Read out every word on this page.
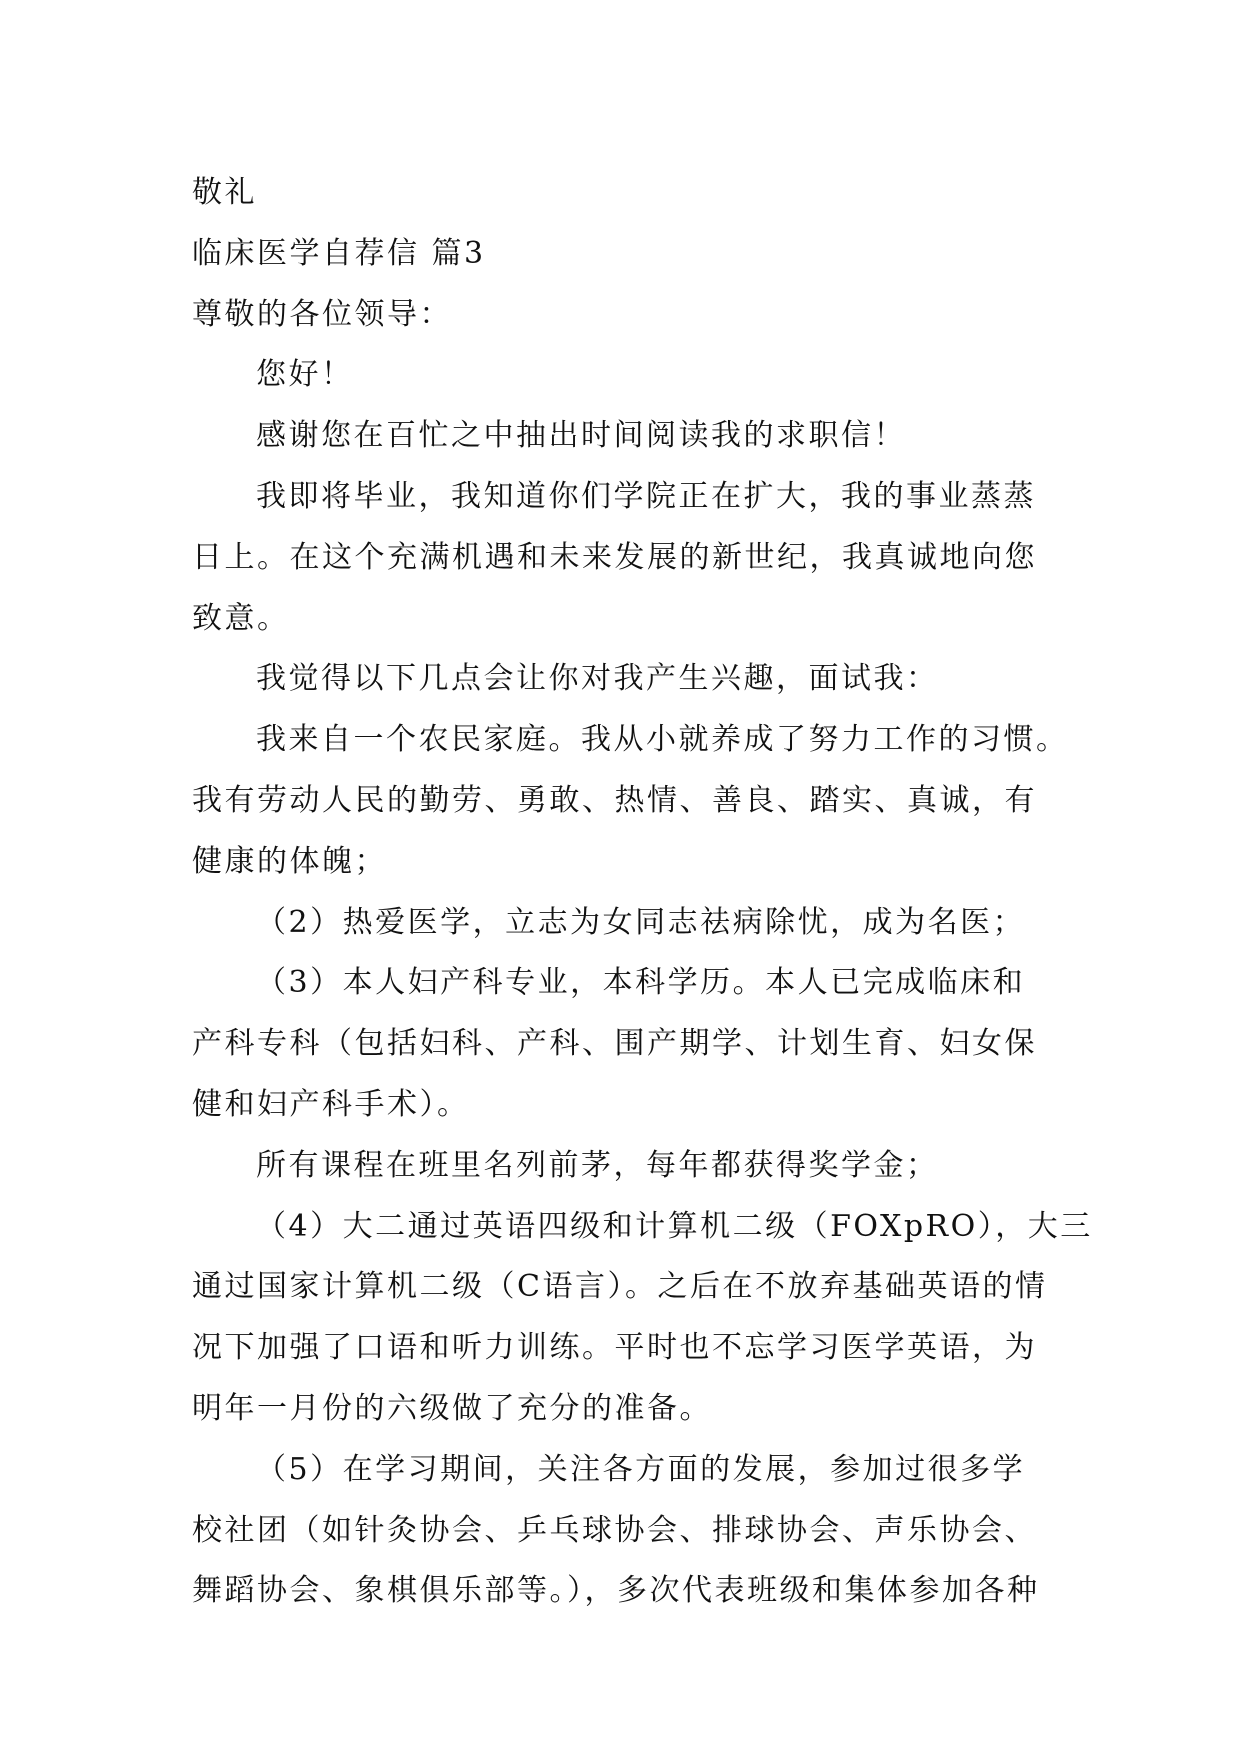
敬礼
临床医学自荐信 篇3
尊敬的各位领导：
您好！
感谢您在百忙之中抽出时间阅读我的求职信！
我即将毕业，我知道你们学院正在扩大，我的事业蒸蒸
日上。在这个充满机遇和未来发展的新世纪，我真诚地向您
致意。
我觉得以下几点会让你对我产生兴趣，面试我：
我来自一个农民家庭。我从小就养成了努力工作的习惯。
我有劳动人民的勤劳、勇敢、热情、善良、踏实、真诚，有
健康的体魄；
（2）热爱医学，立志为女同志祛病除忧，成为名医；
（3）本人妇产科专业，本科学历。本人已完成临床和
产科专科（包括妇科、产科、围产期学、计划生育、妇女保
健和妇产科手术）。
所有课程在班里名列前茅，每年都获得奖学金；
（4）大二通过英语四级和计算机二级（FOXpRO），大三
通过国家计算机二级（C语言）。之后在不放弃基础英语的情
况下加强了口语和听力训练。平时也不忘学习医学英语，为
明年一月份的六级做了充分的准备。
（5）在学习期间，关注各方面的发展，参加过很多学
校社团（如针灸协会、乒乓球协会、排球协会、声乐协会、
舞蹈协会、象棋俱乐部等。），多次代表班级和集体参加各种
